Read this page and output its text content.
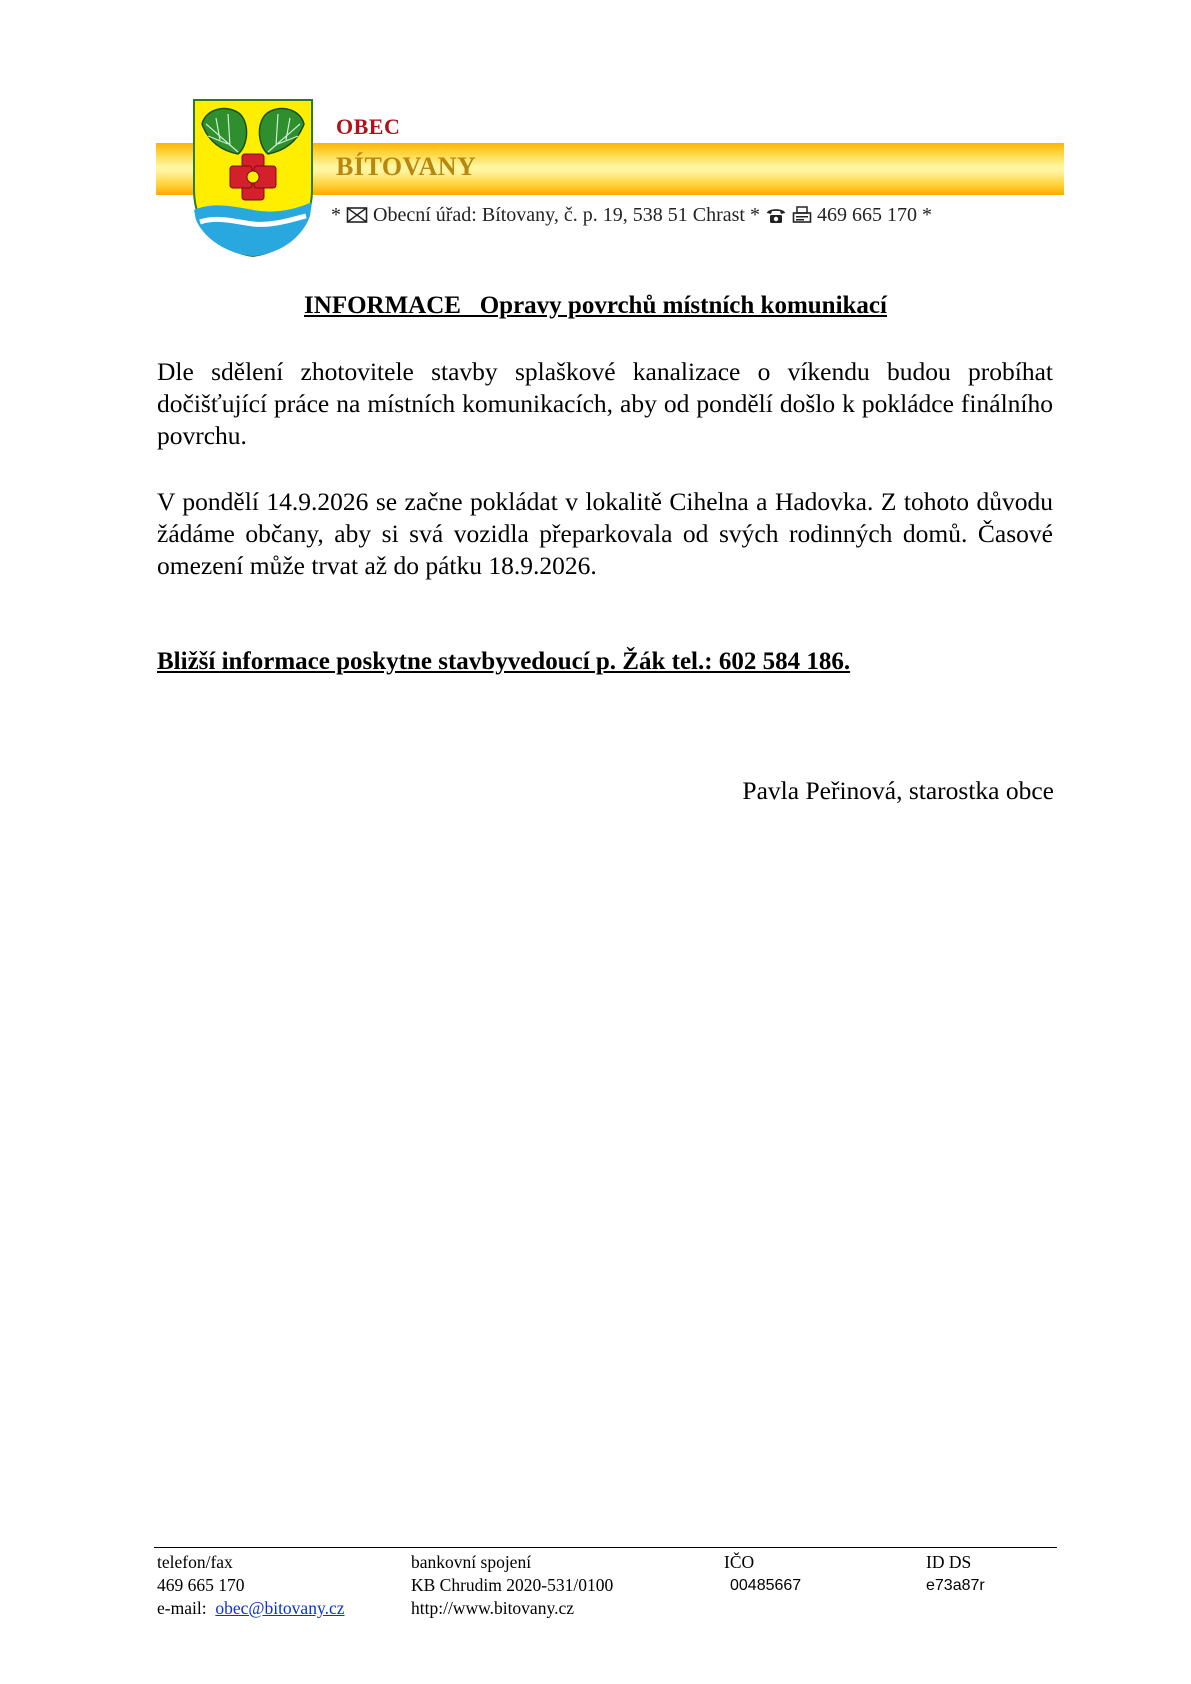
OBEC
BÍTOVANY
* Obecní úřad: Bítovany, č. p. 19, 538 51 Chrast *	469 665 170 *
INFORMACE   Opravy povrchů místních komunikací

Dle sdělení zhotovitele stavby splaškové kanalizace o víkendu budou probíhat dočišťující práce na místních komunikacích, aby od pondělí došlo k pokládce finálního povrchu.

V pondělí 14.9.2026 se začne pokládat v lokalitě Cihelna a Hadovka. Z tohoto důvodu žádáme občany, aby si svá vozidla přeparkovala od svých rodinných domů. Časové omezení může trvat až do pátku 18.9.2026.

Bližší informace poskytne stavbyvedoucí p. Žák tel.: 602 584 186.
Pavla Peřinová, starostka obce
telefon/fax
469 665 170
e-mail: obec@bitovany.cz
bankovní spojení
KB Chrudim 2020-531/0100
http://www.bitovany.cz
IČO
00485667
ID DS
e73a87r
